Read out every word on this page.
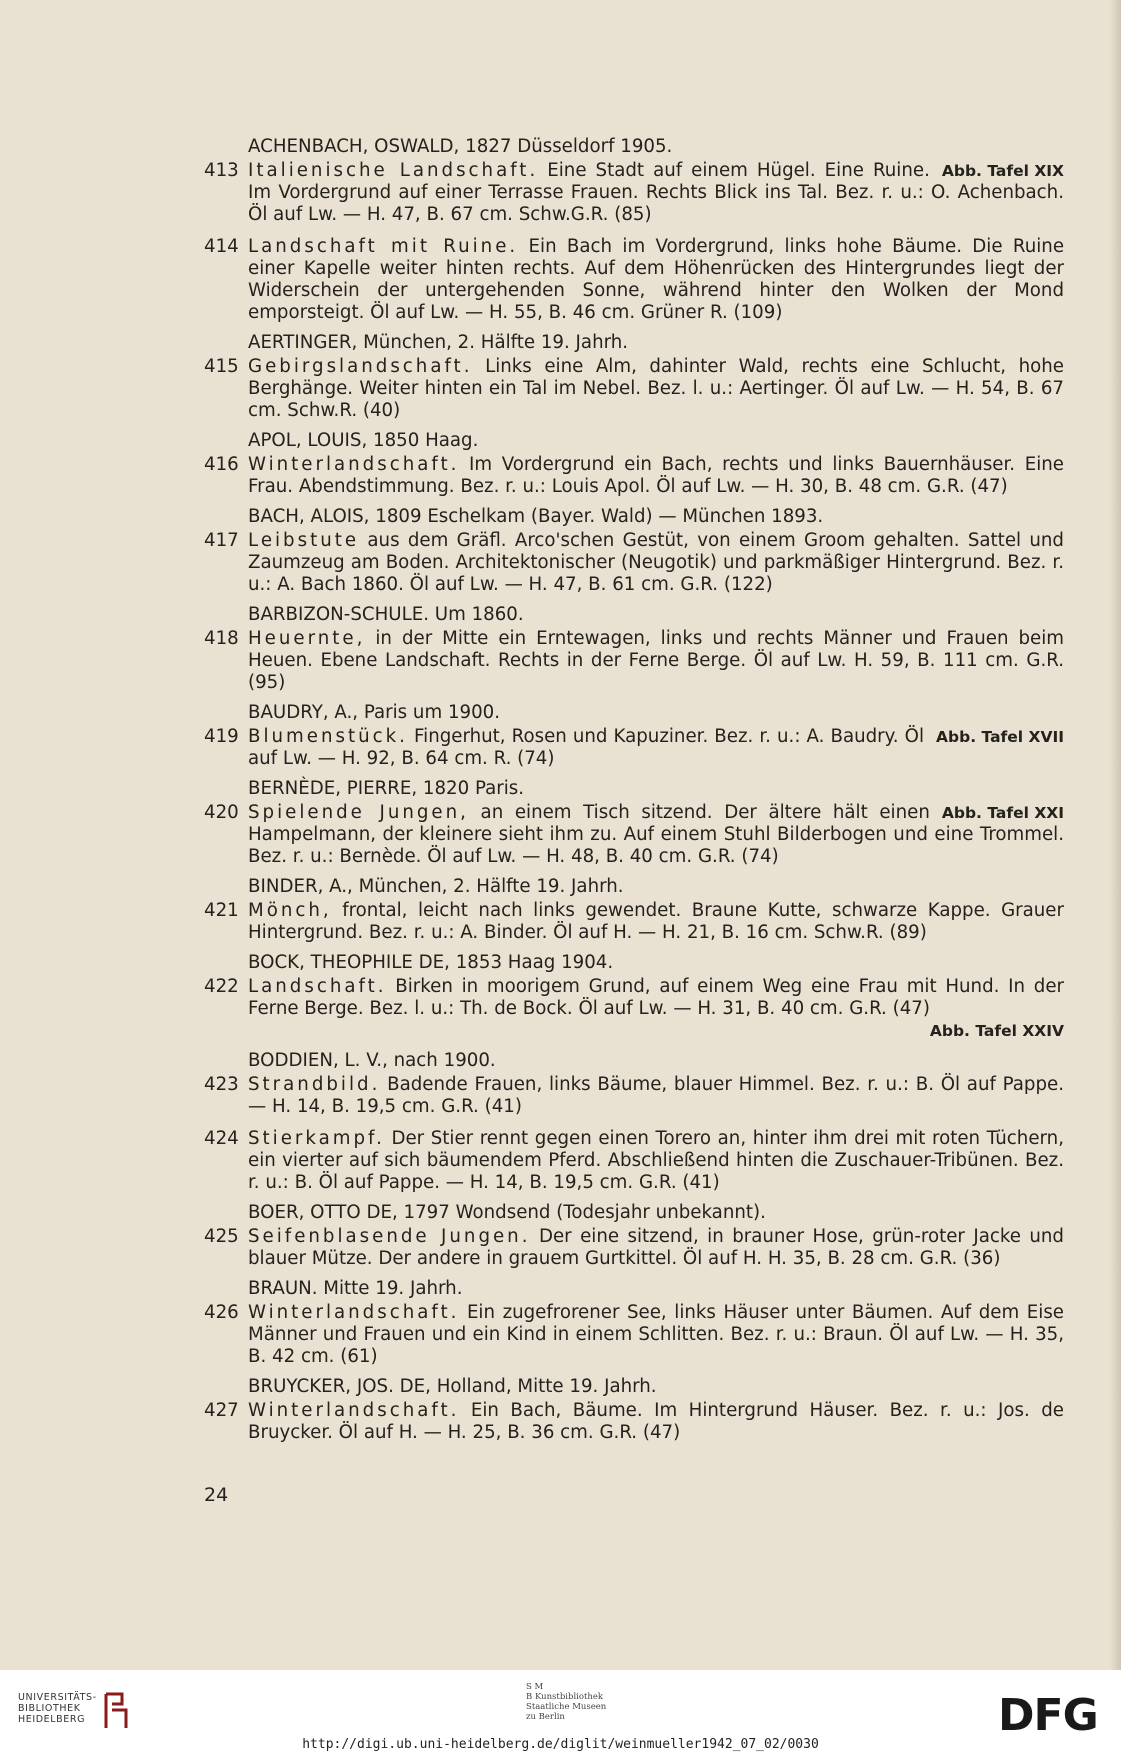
ACHENBACH, OSWALD, 1827 Düsseldorf 1905.
413 Italienische Landschaft.	Abb. Tafel XIX
Eine Stadt auf einem Hügel. Eine Ruine. Im Vordergrund auf einer Terrasse Frauen. Rechts Blick ins Tal. Bez. r. u.: O. Achenbach. Öl auf Lw. — H. 47, B. 67 cm. Schw.G.R. (85)
414 Landschaft mit Ruine. Ein Bach im Vordergrund, links hohe Bäume. Die Ruine einer Kapelle weiter hinten rechts. Auf dem Höhenrücken des Hintergrundes liegt der Widerschein der untergehenden Sonne, während hinter den Wolken der Mond emporsteigt. Öl auf Lw. — H. 55, B. 46 cm. Grüner R. (109)
AERTINGER, München, 2. Hälfte 19. Jahrh.
415 Gebirgslandschaft. Links eine Alm, dahinter Wald, rechts eine Schlucht, hohe Berghänge. Weiter hinten ein Tal im Nebel. Bez. l. u.: Aertinger. Öl auf Lw. — H. 54, B. 67 cm. Schw.R. (40)
APOL, LOUIS, 1850 Haag.
416 Winterlandschaft. Im Vordergrund ein Bach, rechts und links Bauernhäuser. Eine Frau. Abendstimmung. Bez. r. u.: Louis Apol. Öl auf Lw. — H. 30, B. 48 cm. G.R. (47)
BACH, ALOIS, 1809 Eschelkam (Bayer. Wald) — München 1893.
417 Leibstute aus dem Gräfl. Arco'schen Gestüt, von einem Groom gehalten. Sattel und Zaumzeug am Boden. Architektonischer (Neugotik) und parkmäßiger Hintergrund. Bez. r. u.: A. Bach 1860. Öl auf Lw. — H. 47, B. 61 cm. G.R. (122)
BARBIZON-SCHULE. Um 1860.
418 Heuernte, in der Mitte ein Erntewagen, links und rechts Männer und Frauen beim Heuen. Ebene Landschaft. Rechts in der Ferne Berge. Öl auf Lw. H. 59, B. 111 cm. G.R. (95)
BAUDRY, A., Paris um 1900.
419 Blumenstück.	Abb. Tafel XVII
Fingerhut, Rosen und Kapuziner. Bez. r. u.: A. Baudry. Öl auf Lw. — H. 92, B. 64 cm. R. (74)
BERNÈDE, PIERRE, 1820 Paris.
420 Spielende Jungen,	Abb. Tafel XXI
an einem Tisch sitzend. Der ältere hält einen Hampelmann, der kleinere sieht ihm zu. Auf einem Stuhl Bilderbogen und eine Trommel. Bez. r. u.: Bernède. Öl auf Lw. — H. 48, B. 40 cm. G.R. (74)
BINDER, A., München, 2. Hälfte 19. Jahrh.
421 Mönch, frontal, leicht nach links gewendet. Braune Kutte, schwarze Kappe. Grauer Hintergrund. Bez. r. u.: A. Binder. Öl auf H. — H. 21, B. 16 cm. Schw.R. (89)
BOCK, THEOPHILE DE, 1853 Haag 1904.
422 Landschaft. Birken in moorigem Grund, auf einem Weg eine Frau mit Hund. In der Ferne Berge. Bez. l. u.: Th. de Bock. Öl auf Lw. — H. 31, B. 40 cm. G.R. (47)
Abb. Tafel XXIV
BODDIEN, L. V., nach 1900.
423 Strandbild. Badende Frauen, links Bäume, blauer Himmel. Bez. r. u.: B. Öl auf Pappe. — H. 14, B. 19,5 cm. G.R. (41)
424 Stierkampf. Der Stier rennt gegen einen Torero an, hinter ihm drei mit roten Tüchern, ein vierter auf sich bäumendem Pferd. Abschließend hinten die Zuschauer-Tribünen. Bez. r. u.: B. Öl auf Pappe. — H. 14, B. 19,5 cm. G.R. (41)
BOER, OTTO DE, 1797 Wondsend (Todesjahr unbekannt).
425 Seifenblasende Jungen. Der eine sitzend, in brauner Hose, grün-roter Jacke und blauer Mütze. Der andere in grauem Gurtkittel. Öl auf H. H. 35, B. 28 cm. G.R. (36)
BRAUN. Mitte 19. Jahrh.
426 Winterlandschaft. Ein zugefrorener See, links Häuser unter Bäumen. Auf dem Eise Männer und Frauen und ein Kind in einem Schlitten. Bez. r. u.: Braun. Öl auf Lw. — H. 35, B. 42 cm. (61)
BRUYCKER, JOS. DE, Holland, Mitte 19. Jahrh.
427 Winterlandschaft. Ein Bach, Bäume. Im Hintergrund Häuser. Bez. r. u.: Jos. de Bruycker. Öl auf H. — H. 25, B. 36 cm. G.R. (47)
24
UNIVERSITÄTS-
BIBLIOTHEK
HEIDELBERG
S M
B Kunstbibliothek
Staatliche Museen
zu Berlin	DFG
http://digi.ub.uni-heidelberg.de/diglit/weinmueller1942_07_02/0030
